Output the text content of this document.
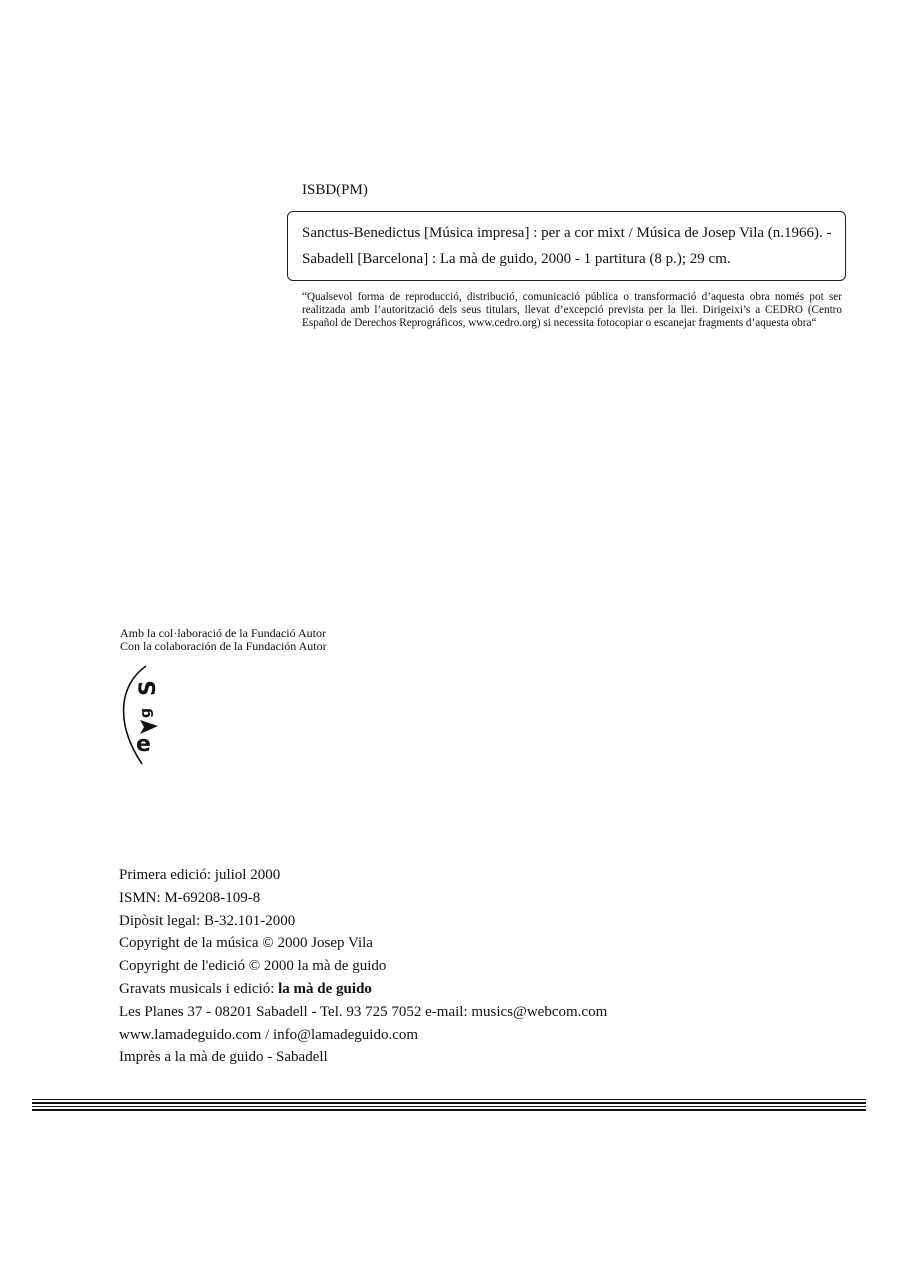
ISBD(PM)
Sanctus-Benedictus [Música impresa] : per a cor mixt / Música de Josep Vila (n.1966). -
Sabadell [Barcelona] : La mà de guido, 2000 - 1 partitura (8 p.); 29 cm.
“Qualsevol forma de reproducció, distribució, comunicació pública o transformació d’aquesta obra només pot ser realitzada amb l’autorització dels seus titulars, llevat d’excepció prevista per la llei. Dirigeixi’s a CEDRO (Centro Español de Derechos Reprográficos, www.cedro.org) si necessita fotocopiar o escanejar fragments d’aquesta obra“
Amb la col·laboració de la Fundació Autor
Con la colaboración de la Fundación Autor
S
g
e
Primera edició: juliol 2000
ISMN: M-69208-109-8
Dipòsit legal: B-32.101-2000
Copyright de la música © 2000 Josep Vila
Copyright de l'edició © 2000 la mà de guido
Gravats musicals i edició: la mà de guido
Les Planes 37 - 08201 Sabadell - Tel. 93 725 7052 e-mail: musics@webcom.com
www.lamadeguido.com / info@lamadeguido.com
Imprès a la mà de guido - Sabadell
